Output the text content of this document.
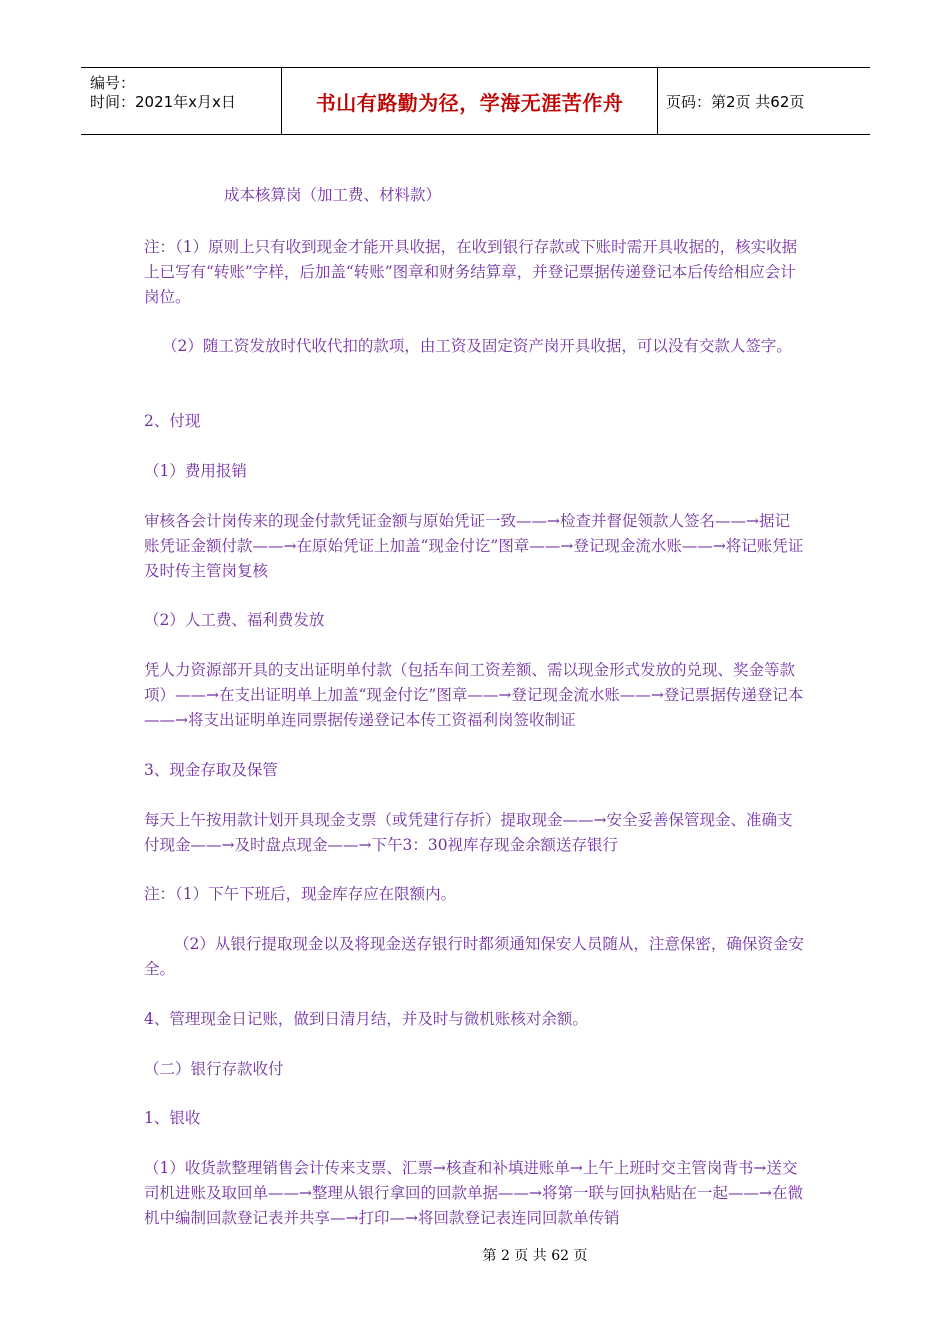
编号：
时间：2021年x月x日	书山有路勤为径，学海无涯苦作舟	页码：第2页 共62页

成本核算岗（加工费、材料款）

注：（1）原则上只有收到现金才能开具收据，在收到银行存款或下账时需开具收据的，核实收据上已写有“转账”字样，后加盖“转账”图章和财务结算章，并登记票据传递登记本后传给相应会计岗位。

（2）随工资发放时代收代扣的款项，由工资及固定资产岗开具收据，可以没有交款人签字。

2、付现

（1）费用报销

审核各会计岗传来的现金付款凭证金额与原始凭证一致——→检查并督促领款人签名——→据记账凭证金额付款——→在原始凭证上加盖“现金付讫”图章——→登记现金流水账——→将记账凭证及时传主管岗复核

（2）人工费、福利费发放

凭人力资源部开具的支出证明单付款（包括车间工资差额、需以现金形式发放的兑现、奖金等款项）——→在支出证明单上加盖“现金付讫”图章——→登记现金流水账——→登记票据传递登记本——→将支出证明单连同票据传递登记本传工资福利岗签收制证

3、现金存取及保管

每天上午按用款计划开具现金支票（或凭建行存折）提取现金——→安全妥善保管现金、准确支付现金——→及时盘点现金——→下午3：30视库存现金余额送存银行

注：（1）下午下班后，现金库存应在限额内。

（2）从银行提取现金以及将现金送存银行时都须通知保安人员随从，注意保密，确保资金安全。

4、管理现金日记账，做到日清月结，并及时与微机账核对余额。

（二）银行存款收付

1、银收

（1）收货款整理销售会计传来支票、汇票→核查和补填进账单→上午上班时交主管岗背书→送交司机进账及取回单——→整理从银行拿回的回款单据——→将第一联与回执粘贴在一起——→在微机中编制回款登记表并共享—→打印—→将回款登记表连同回款单传销

第 2 页 共 62 页
